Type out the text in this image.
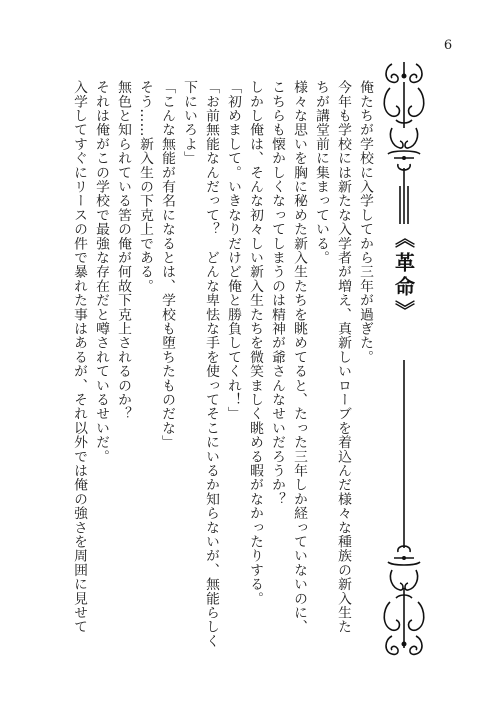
6
《革命》

俺たちが学校に入学してから三年が過ぎた。

今年も学校には新たな入学者が増え、真新しいローブを着込んだ様々な種族の新入生た

ちが講堂前に集まっている。

様々な思いを胸に秘めた新入生たちを眺めてると、たった三年しか経っていないのに、

こちらも懐かしくなってしまうのは精神が爺さんなせいだろうか？

しかし俺は、そんな初々しい新入生たちを微笑ましく眺める暇がなかったりする。

「初めまして。いきなりだけど俺と勝負してくれ！」

「お前無能なんだって？　どんな卑怯な手を使ってそこにいるか知らないが、無能らしく

下にいろよ」

「こんな無能が有名になるとは、学校も堕ちたものだな」

そう……新入生の下克上である。

無色と知られている筈の俺が何故下克上されるのか？

それは俺がこの学校で最強な存在だと噂されているせいだ。

入学してすぐにリースの件で暴れた事はあるが、それ以外では俺の強さを周囲に見せて
